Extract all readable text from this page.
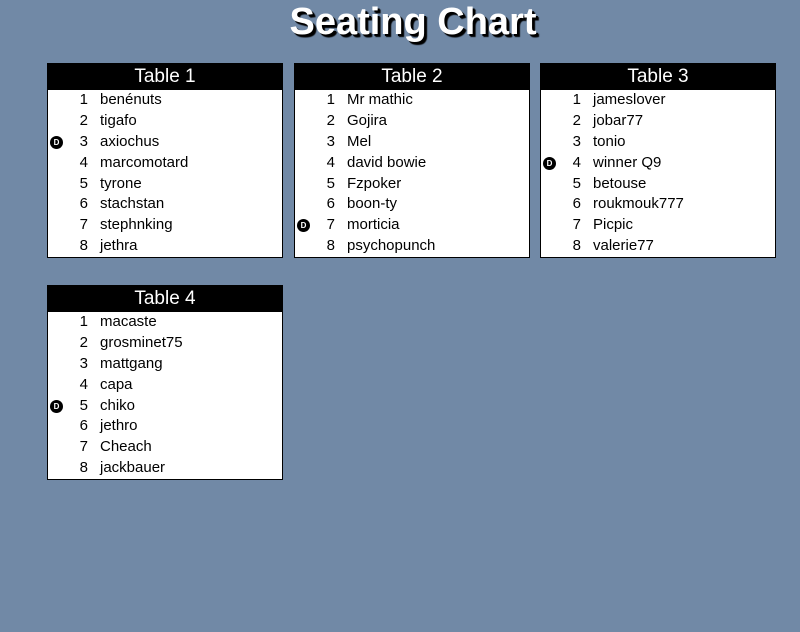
Seating Chart
Table 1
1 benénuts
2 tigafo
D	3 axiochus
4 marcomotard
5 tyrone
6 stachstan
7 stephnking
8 jethra
Table 2
1 Mr mathic
2 Gojira
3 Mel
4 david bowie
5 Fzpoker
6 boon-ty
D	7 morticia
8 psychopunch
Table 3
1 jameslover
2 jobar77
3 tonio
D	4 winner Q9
5 betouse
6 roukmouk777
7 Picpic
8 valerie77
Table 4
1 macaste
2 grosminet75
3 mattgang
4 capa
D	5 chiko
6 jethro
7 Cheach
8 jackbauer
